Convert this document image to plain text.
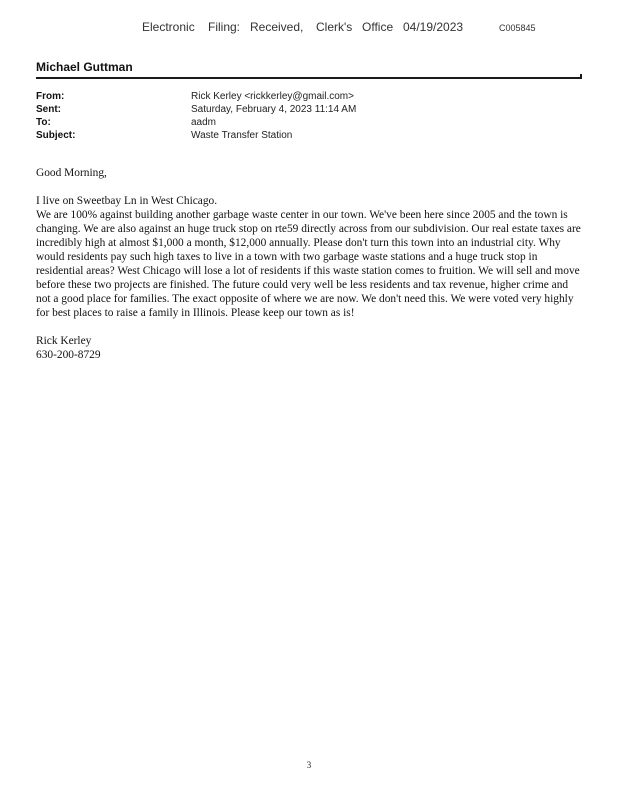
Electronic Filing: Received, Clerk's Office 04/19/2023	C005845
Michael Guttman
From:	Rick Kerley <rickkerley@gmail.com>
Sent:	Saturday, February 4, 2023 11:14 AM
To:	aadm
Subject:	Waste Transfer Station

Good Morning,

I live on Sweetbay Ln in West Chicago.

We are 100% against building another garbage waste center in our town. We've been here since 2005 and the town is changing. We are also against an huge truck stop on rte59 directly across from our subdivision. Our real estate taxes are incredibly high at almost $1,000 a month, $12,000 annually. Please don't turn this town into an industrial city. Why would residents pay such high taxes to live in a town with two garbage waste stations and a huge truck stop in residential areas? West Chicago will lose a lot of residents if this waste station comes to fruition. We will sell and move before these two projects are finished. The future could very well be less residents and tax revenue, higher crime and not a good place for families. The exact opposite of where we are now. We don't need this. We were voted very highly for best places to raise a family in Illinois. Please keep our town as is!

Rick Kerley
630-200-8729

3
